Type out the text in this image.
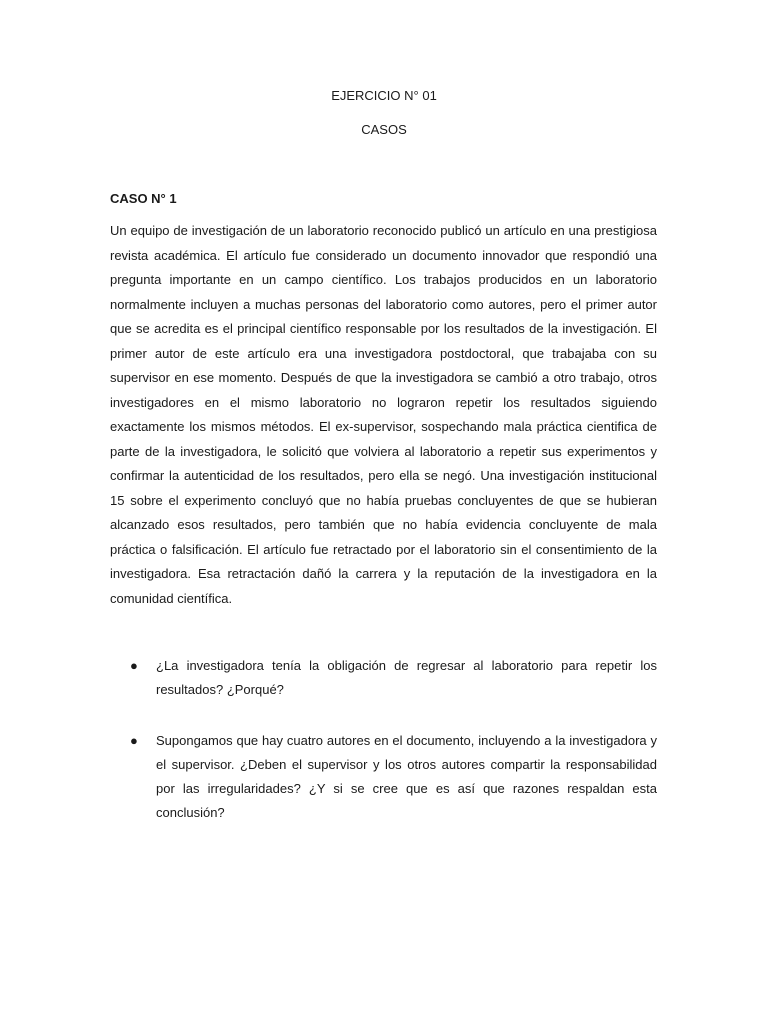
EJERCICIO N° 01
CASOS
CASO N° 1

Un equipo de investigación de un laboratorio reconocido publicó un artículo en una prestigiosa revista académica. El artículo fue considerado un documento innovador que respondió una pregunta importante en un campo científico. Los trabajos producidos en un laboratorio normalmente incluyen a muchas personas del laboratorio como autores, pero el primer autor que se acredita es el principal científico responsable por los resultados de la investigación. El primer autor de este artículo era una investigadora postdoctoral, que trabajaba con su supervisor en ese momento. Después de que la investigadora se cambió a otro trabajo, otros investigadores en el mismo laboratorio no lograron repetir los resultados siguiendo exactamente los mismos métodos. El ex-supervisor, sospechando mala práctica cientifica de parte de la investigadora, le solicitó que volviera al laboratorio a repetir sus experimentos y confirmar la autenticidad de los resultados, pero ella se negó. Una investigación institucional 15 sobre el experimento concluyó que no había pruebas concluyentes de que se hubieran alcanzado esos resultados, pero también que no había evidencia concluyente de mala práctica o falsificación. El artículo fue retractado por el laboratorio sin el consentimiento de la investigadora. Esa retractación dañó la carrera y la reputación de la investigadora en la comunidad científica.

● ¿La investigadora tenía la obligación de regresar al laboratorio para repetir los resultados? ¿Porqué?

● Supongamos que hay cuatro autores en el documento, incluyendo a la investigadora y el supervisor. ¿Deben el supervisor y los otros autores compartir la responsabilidad por las irregularidades? ¿Y si se cree que es así que razones respaldan esta conclusión?
